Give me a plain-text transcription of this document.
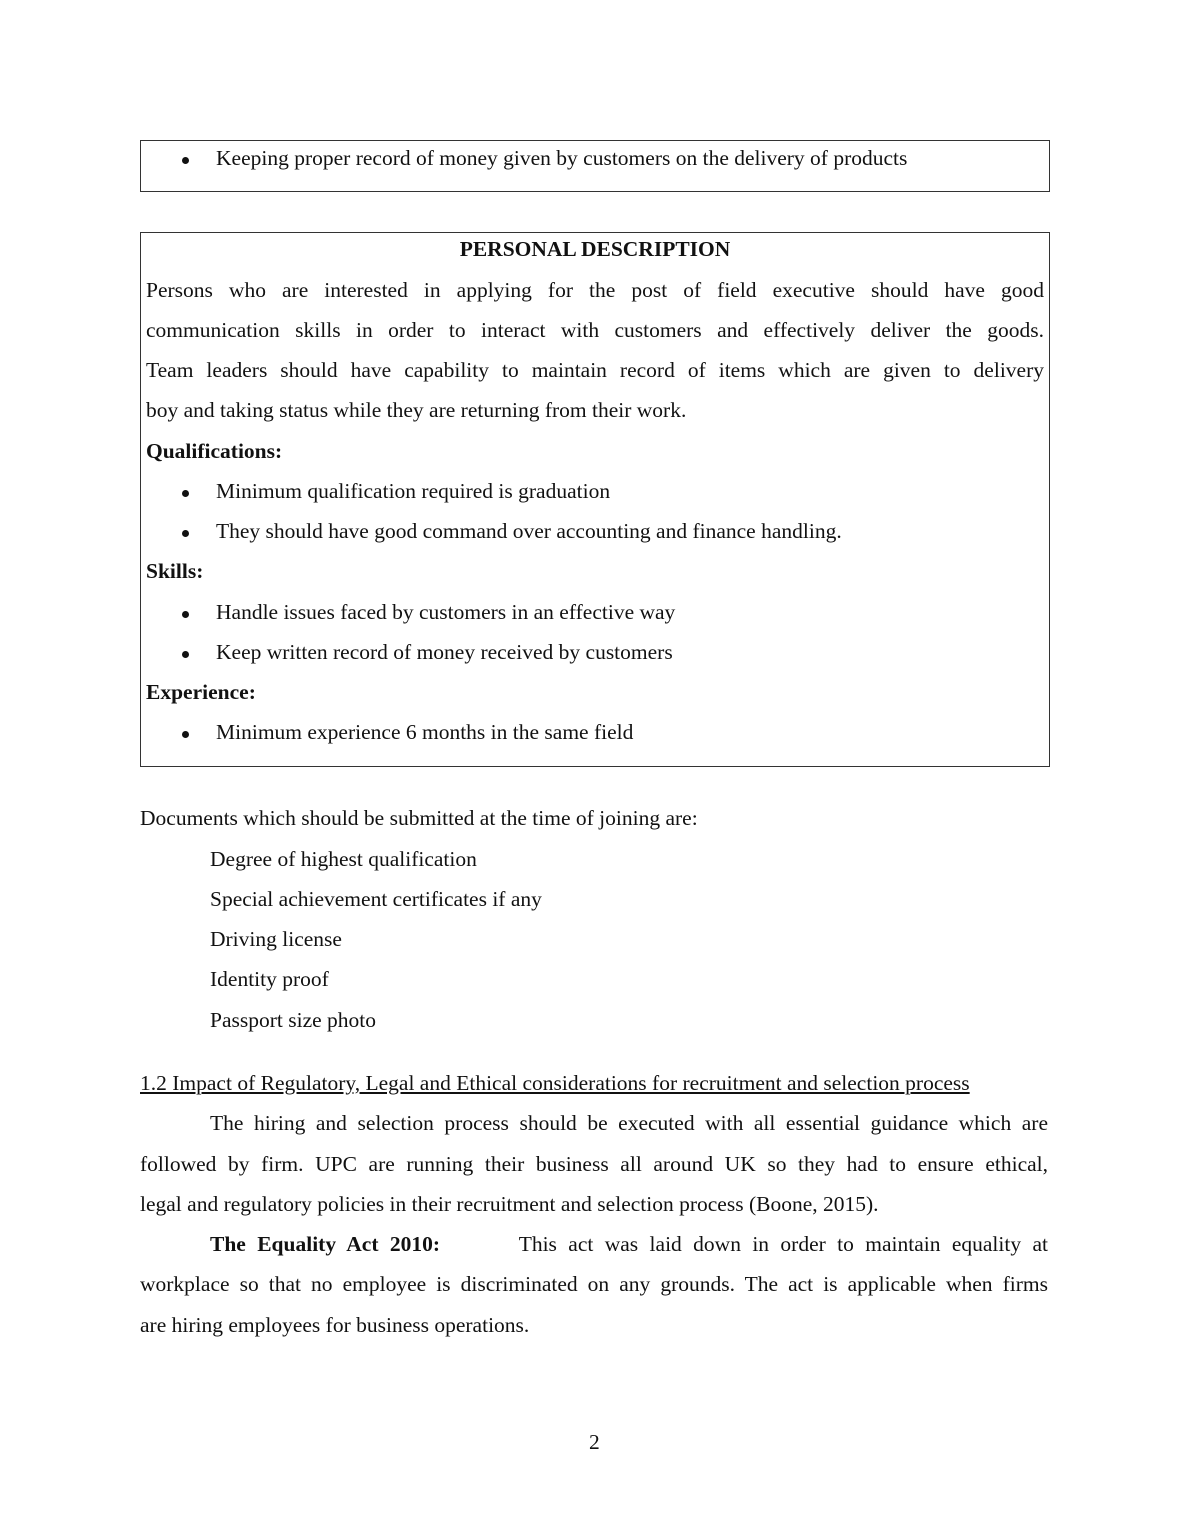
Keeping proper record of money given by customers on the delivery of products
PERSONAL DESCRIPTION
Persons who are interested in applying for the post of field executive should have good
communication skills in order to interact with customers and effectively deliver the goods.
Team leaders should have capability to maintain record of items which are given to delivery
boy and taking status while they are returning from their work.
Qualifications:
Minimum qualification required is graduation
They should have good command over accounting and finance handling.
Skills:
Handle issues faced by customers in an effective way
Keep written record of money received by customers
Experience:
Minimum experience 6 months in the same field
Documents which should be submitted at the time of joining are:
Degree of highest qualification
Special achievement certificates if any
Driving license
Identity proof
Passport size photo
1.2 Impact of Regulatory, Legal and Ethical considerations for recruitment and selection process
The hiring and selection process should be executed with all essential guidance which are
followed by firm. UPC are running their business all around UK so they had to ensure ethical,
legal and regulatory policies in their recruitment and selection process (Boone, 2015).
The Equality Act 2010:	This act was laid down in order to maintain equality at
workplace so that no employee is discriminated on any grounds. The act is applicable when firms
are hiring employees for business operations.
2
